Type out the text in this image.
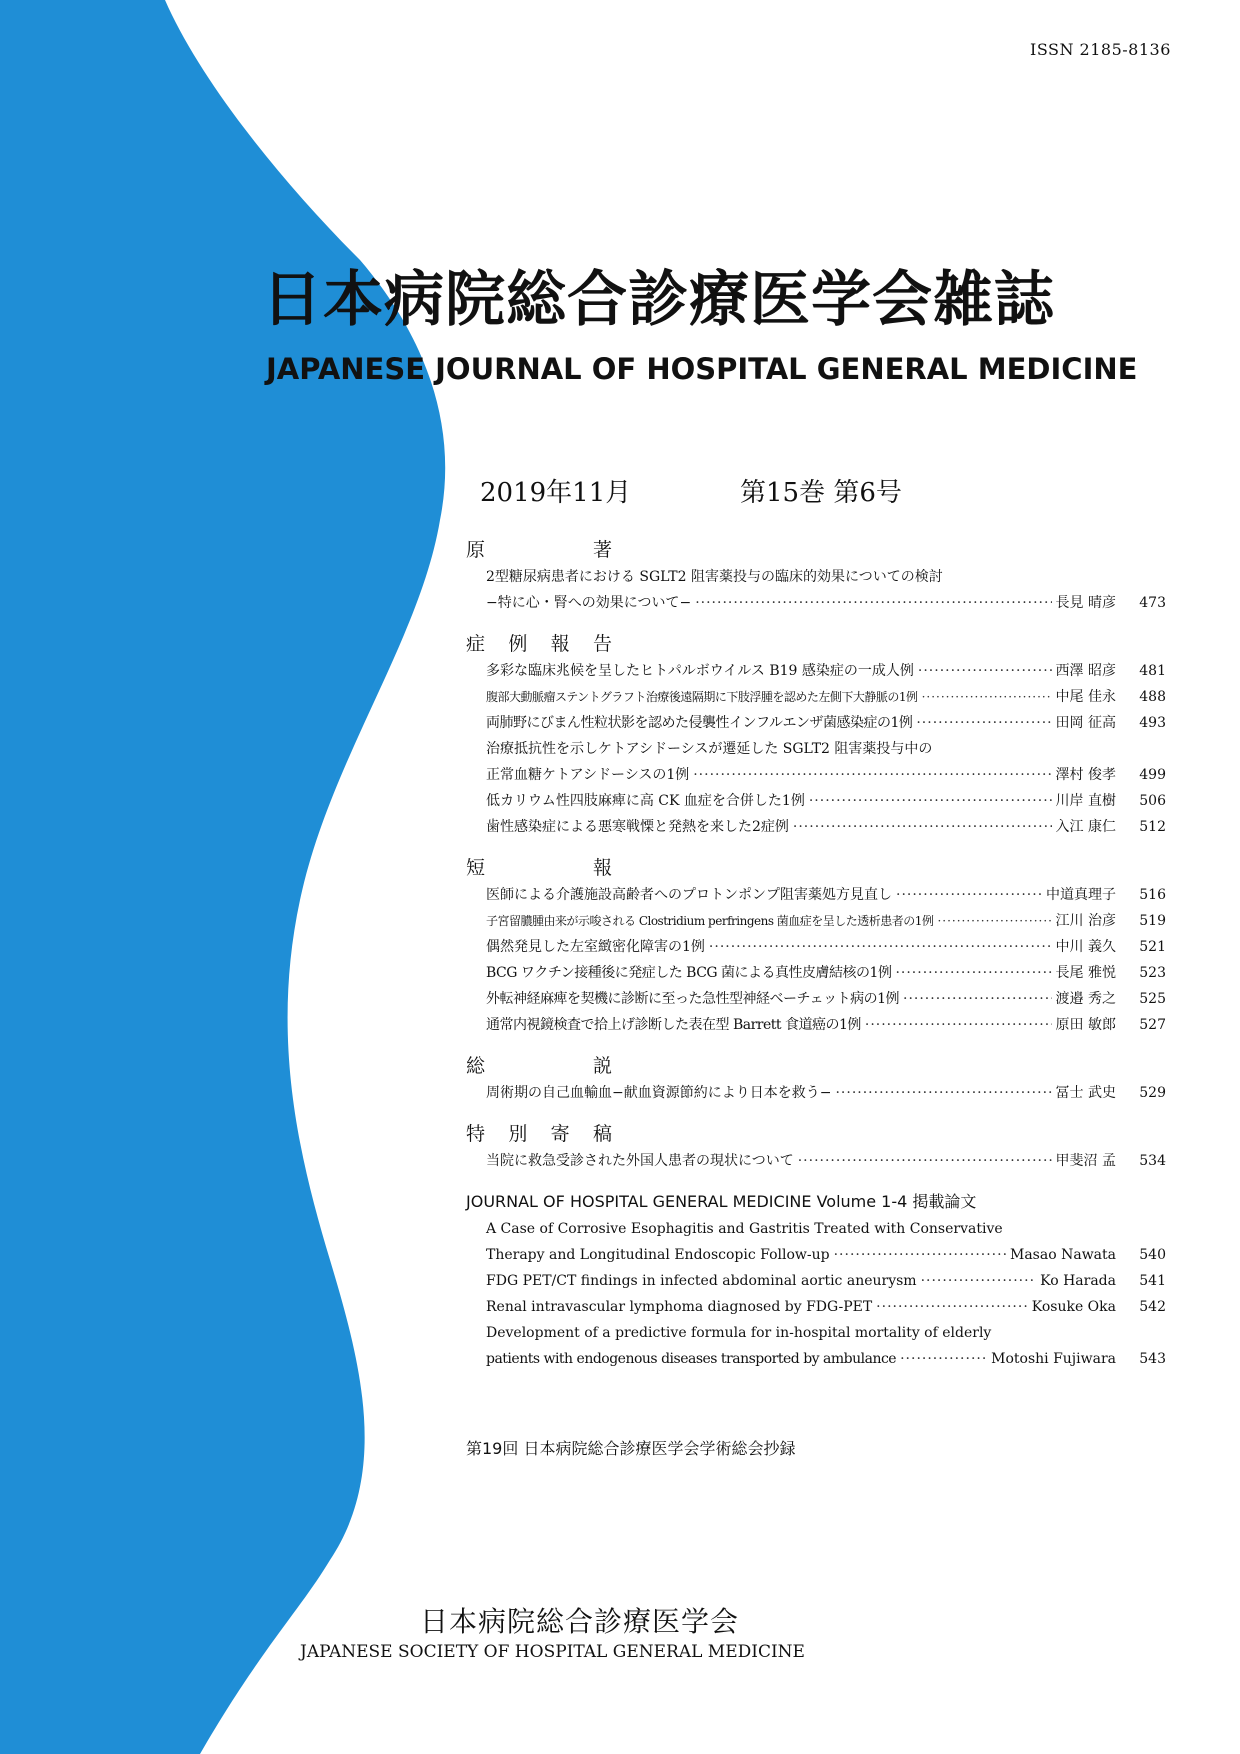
ISSN 2185-8136
日本病院総合診療医学会雑誌
JAPANESE JOURNAL OF HOSPITAL GENERAL MEDICINE
2019年11月	第15巻 第6号
原	著
2型糖尿病患者における SGLT2 阻害薬投与の臨床的効果についての検討
−特に心・腎への効果について− ·····	長見 晴彦	473
症 例 報 告
多彩な臨床兆候を呈したヒトパルボウイルス B19 感染症の一成人例 ·····	西澤 昭彦	481
腹部大動脈瘤ステントグラフト治療後遠隔期に下肢浮腫を認めた左側下大静脈の1例 ·····	中尾 佳永	488
両肺野にびまん性粒状影を認めた侵襲性インフルエンザ菌感染症の1例 ·····	田岡 征高	493
治療抵抗性を示しケトアシドーシスが遷延した SGLT2 阻害薬投与中の
正常血糖ケトアシドーシスの1例 ·····	澤村 俊孝	499
低カリウム性四肢麻痺に高 CK 血症を合併した1例 ·····	川岸 直樹	506
歯性感染症による悪寒戦慄と発熱を来した2症例 ·····	入江 康仁	512
短	報
医師による介護施設高齢者へのプロトンポンプ阻害薬処方見直し ·····	中道真理子	516
子宮留膿腫由来が示唆される Clostridium perfringens 菌血症を呈した透析患者の1例 ·····	江川 治彦	519
偶然発見した左室緻密化障害の1例 ·····	中川 義久	521
BCG ワクチン接種後に発症した BCG 菌による真性皮膚結核の1例 ·····	長尾 雅悦	523
外転神経麻痺を契機に診断に至った急性型神経ベーチェット病の1例 ·····	渡邉 秀之	525
通常内視鏡検査で拾上げ診断した表在型 Barrett 食道癌の1例 ·····	原田 敏郎	527
総	説
周術期の自己血輸血−献血資源節約により日本を救う− ·····	冨士 武史	529
特 別 寄 稿
当院に救急受診された外国人患者の現状について ·····	甲斐沼 孟	534
JOURNAL OF HOSPITAL GENERAL MEDICINE Volume 1-4 掲載論文
A Case of Corrosive Esophagitis and Gastritis Treated with Conservative
Therapy and Longitudinal Endoscopic Follow-up ·····	Masao Nawata	540
FDG PET/CT findings in infected abdominal aortic aneurysm ·····	Ko Harada	541
Renal intravascular lymphoma diagnosed by FDG-PET ·····	Kosuke Oka	542
Development of a predictive formula for in-hospital mortality of elderly
patients with endogenous diseases transported by ambulance ·····	Motoshi Fujiwara	543
第19回 日本病院総合診療医学会学術総会抄録
日本病院総合診療医学会
JAPANESE SOCIETY OF HOSPITAL GENERAL MEDICINE
